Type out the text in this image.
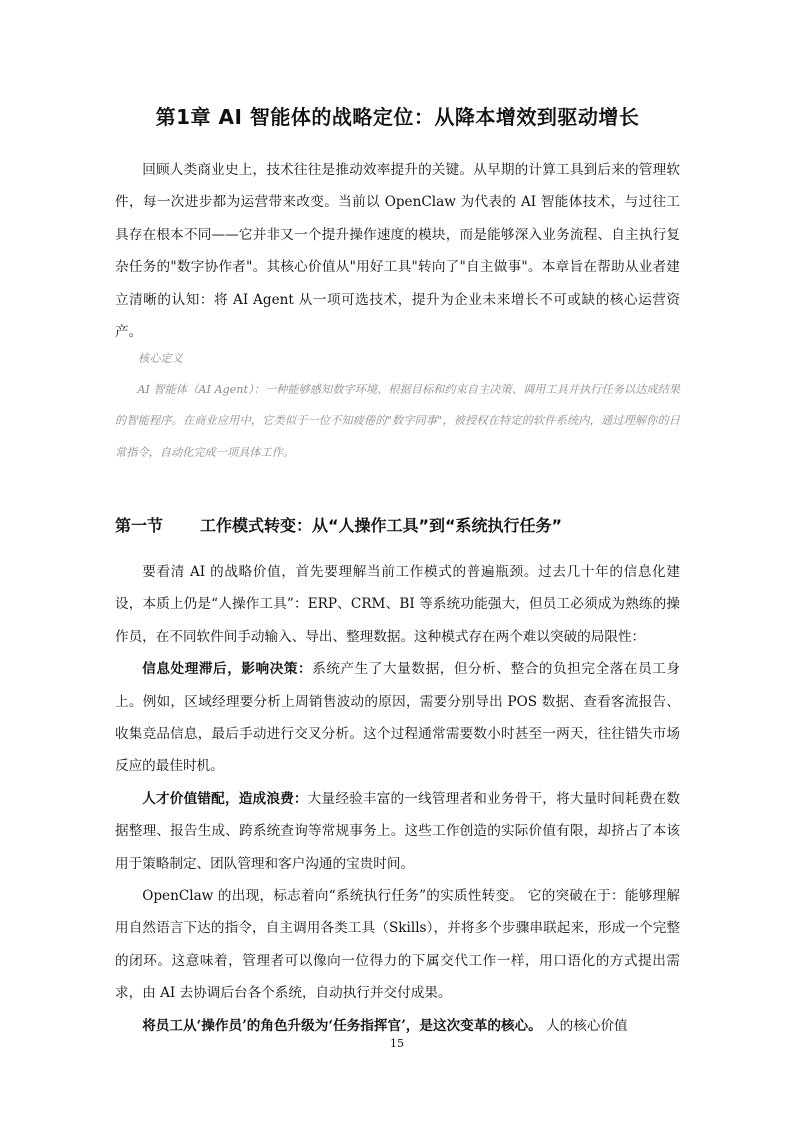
第1章 AI 智能体的战略定位：从降本增效到驱动增长

回顾人类商业史上，技术往往是推动效率提升的关键。从早期的计算工具到后来的管理软件，每一次进步都为运营带来改变。当前以 OpenClaw 为代表的 AI 智能体技术，与过往工具存在根本不同——它并非又一个提升操作速度的模块，而是能够深入业务流程、自主执行复杂任务的"数字协作者"。其核心价值从"用好工具"转向了"自主做事"。本章旨在帮助从业者建立清晰的认知：将 AI Agent 从一项可选技术，提升为企业未来增长不可或缺的核心运营资产。

核心定义

AI 智能体（AI Agent）：一种能够感知数字环境、根据目标和约束自主决策、调用工具并执行任务以达成结果的智能程序。在商业应用中，它类似于一位不知疲倦的"数字同事"，被授权在特定的软件系统内，通过理解你的日常指令，自动化完成一项具体工作。

第一节 工作模式转变：从“人操作工具”到“系统执行任务”

要看清 AI 的战略价值，首先要理解当前工作模式的普遍瓶颈。过去几十年的信息化建设，本质上仍是“人操作工具”：ERP、CRM、BI 等系统功能强大，但员工必须成为熟练的操作员，在不同软件间手动输入、导出、整理数据。这种模式存在两个难以突破的局限性：

信息处理滞后，影响决策：系统产生了大量数据，但分析、整合的负担完全落在员工身上。例如，区域经理要分析上周销售波动的原因，需要分别导出 POS 数据、查看客流报告、收集竞品信息，最后手动进行交叉分析。这个过程通常需要数小时甚至一两天，往往错失市场反应的最佳时机。

人才价值错配，造成浪费：大量经验丰富的一线管理者和业务骨干，将大量时间耗费在数据整理、报告生成、跨系统查询等常规事务上。这些工作创造的实际价值有限，却挤占了本该用于策略制定、团队管理和客户沟通的宝贵时间。

OpenClaw 的出现，标志着向“系统执行任务”的实质性转变。 它的突破在于：能够理解用自然语言下达的指令，自主调用各类工具（Skills），并将多个步骤串联起来，形成一个完整的闭环。这意味着，管理者可以像向一位得力的下属交代工作一样，用口语化的方式提出需求，由 AI 去协调后台各个系统，自动执行并交付成果。

将员工从‘操作员’的角色升级为‘任务指挥官’，是这次变革的核心。 人的核心价值

15
